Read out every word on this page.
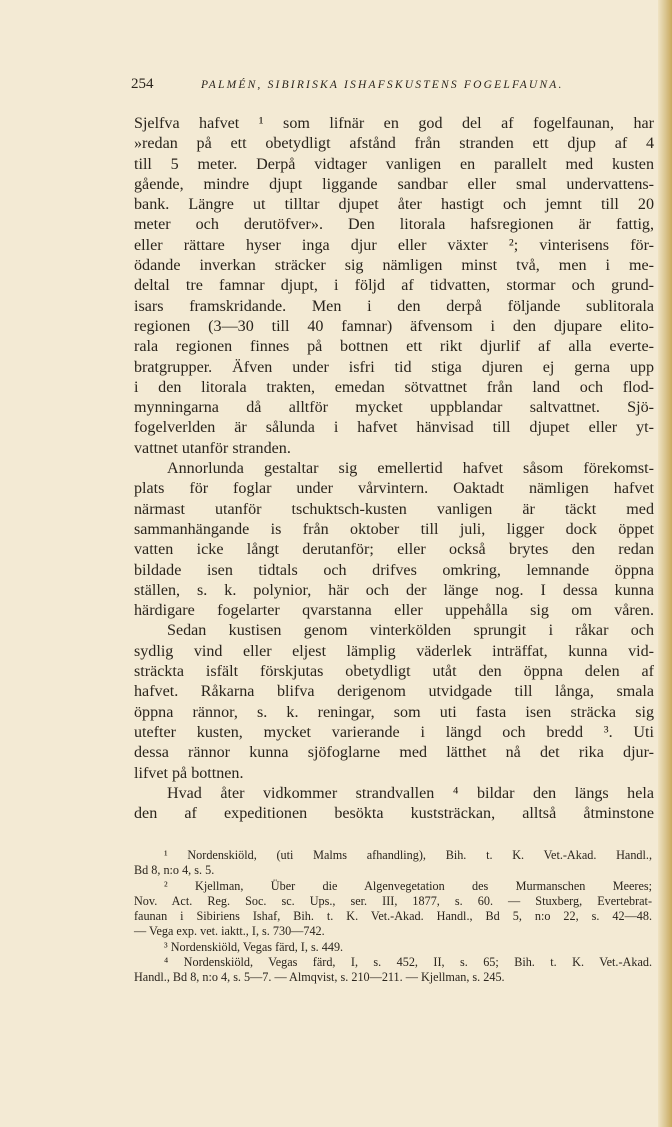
254	PALMÉN, SIBIRISKA ISHAFSKUSTENS FOGELFAUNA.
Sjelfva hafvet ¹ som lifnär en god del af fogelfaunan, har
»redan på ett obetydligt afstånd från stranden ett djup af 4
till 5 meter. Derpå vidtager vanligen en parallelt med kusten
gående, mindre djupt liggande sandbar eller smal undervattens-
bank. Längre ut tilltar djupet åter hastigt och jemnt till 20
meter och derutöfver». Den litorala hafsregionen är fattig,
eller rättare hyser inga djur eller växter ²; vinterisens för-
ödande inverkan sträcker sig nämligen minst två, men i me-
deltal tre famnar djupt, i följd af tidvatten, stormar och grund-
isars framskridande. Men i den derpå följande sublitorala
regionen (3—30 till 40 famnar) äfvensom i den djupare elito-
rala regionen finnes på bottnen ett rikt djurlif af alla everte-
bratgrupper. Äfven under isfri tid stiga djuren ej gerna upp
i den litorala trakten, emedan sötvattnet från land och flod-
mynningarna då alltför mycket uppblandar saltvattnet. Sjö-
fogelverlden är sålunda i hafvet hänvisad till djupet eller yt-
vattnet utanför stranden.
Annorlunda gestaltar sig emellertid hafvet såsom förekomst-
plats för foglar under vårvintern. Oaktadt nämligen hafvet
närmast utanför tschuktsch-kusten vanligen är täckt med
sammanhängande is från oktober till juli, ligger dock öppet
vatten icke långt derutanför; eller också brytes den redan
bildade isen tidtals och drifves omkring, lemnande öppna
ställen, s. k. polynior, här och der länge nog. I dessa kunna
härdigare fogelarter qvarstanna eller uppehålla sig om våren.
Sedan kustisen genom vinterkölden sprungit i råkar och
sydlig vind eller eljest lämplig väderlek inträffat, kunna vid-
sträckta isfält förskjutas obetydligt utåt den öppna delen af
hafvet. Råkarna blifva derigenom utvidgade till långa, smala
öppna rännor, s. k. reningar, som uti fasta isen sträcka sig
utefter kusten, mycket varierande i längd och bredd ³. Uti
dessa rännor kunna sjöfoglarne med lätthet nå det rika djur-
lifvet på bottnen.
Hvad åter vidkommer strandvallen ⁴ bildar den längs hela
den af expeditionen besökta kuststräckan, alltså åtminstone
¹ Nordenskiöld, (uti Malms afhandling), Bih. t. K. Vet.-Akad. Handl.,
Bd 8, n:o 4, s. 5.
² Kjellman, Über die Algenvegetation des Murmanschen Meeres;
Nov. Act. Reg. Soc. sc. Ups., ser. III, 1877, s. 60. — Stuxberg, Evertebrat-
faunan i Sibiriens Ishaf, Bih. t. K. Vet.-Akad. Handl., Bd 5, n:o 22, s. 42—48.
— Vega exp. vet. iaktt., I, s. 730—742.
³ Nordenskiöld, Vegas färd, I, s. 449.
⁴ Nordenskiöld, Vegas färd, I, s. 452, II, s. 65; Bih. t. K. Vet.-Akad.
Handl., Bd 8, n:o 4, s. 5—7. — Almqvist, s. 210—211. — Kjellman, s. 245.
